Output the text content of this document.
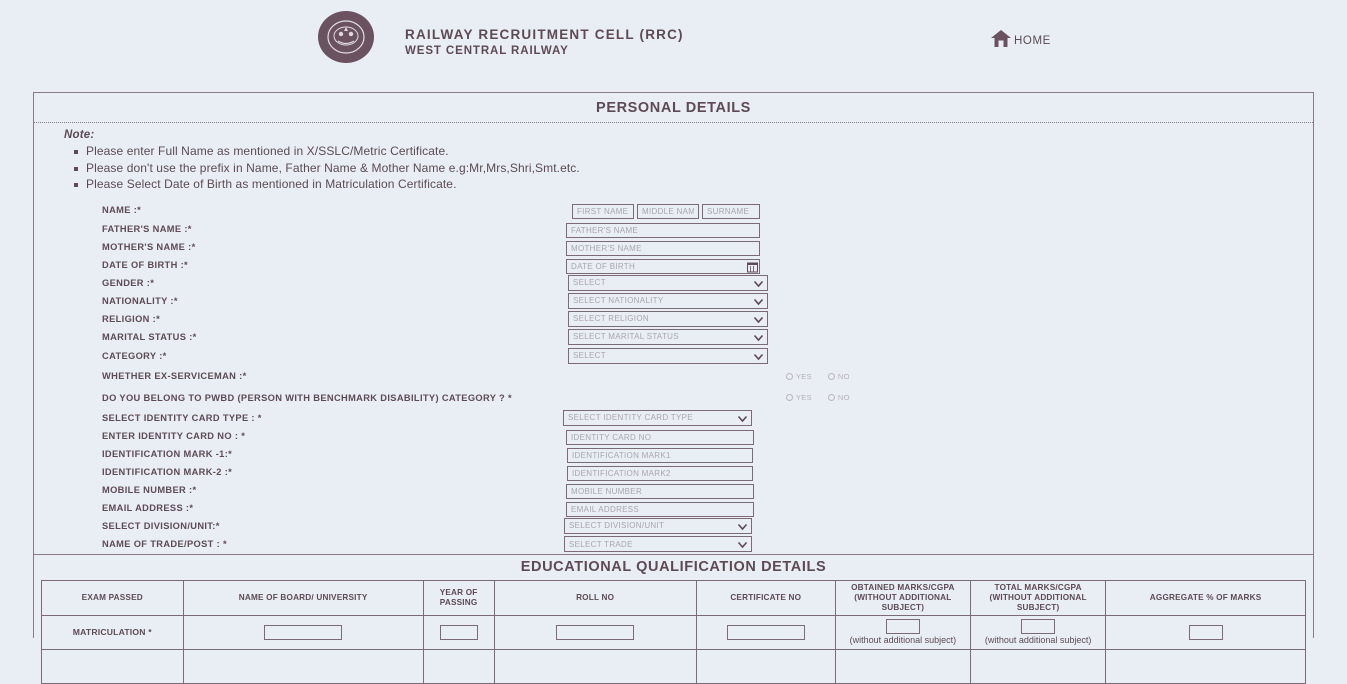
RAILWAY RECRUITMENT CELL (RRC)
WEST CENTRAL RAILWAY
HOME
PERSONAL DETAILS
Note:
Please enter Full Name as mentioned in X/SSLC/Metric Certificate.
Please don't use the prefix in Name, Father Name & Mother Name e.g:Mr,Mrs,Shri,Smt.etc.
Please Select Date of Birth as mentioned in Matriculation Certificate.
NAME :*
FIRST NAME
MIDDLE NAME
SURNAME
FATHER'S NAME :*
FATHER'S NAME
MOTHER'S NAME :*
MOTHER'S NAME
DATE OF BIRTH :*
DATE OF BIRTH
GENDER :*	SELECT
NATIONALITY :*	SELECT NATIONALITY
RELIGION :*	SELECT RELIGION
MARITAL STATUS :*	SELECT MARITAL STATUS
CATEGORY :*	SELECT
WHETHER EX-SERVICEMAN :*	YES	NO
DO YOU BELONG TO PWBD (PERSON WITH BENCHMARK DISABILITY) CATEGORY ? *	YES	NO
SELECT IDENTITY CARD TYPE : *	SELECT IDENTITY CARD TYPE
ENTER IDENTITY CARD NO : *
IDENTITY CARD NO
IDENTIFICATION MARK -1:*
IDENTIFICATION MARK1
IDENTIFICATION MARK-2 :*
IDENTIFICATION MARK2
MOBILE NUMBER :*
MOBILE NUMBER
EMAIL ADDRESS :*
EMAIL ADDRESS
SELECT DIVISION/UNIT:*	SELECT DIVISION/UNIT
NAME OF TRADE/POST : *	SELECT TRADE
EDUCATIONAL QUALIFICATION DETAILS
EXAM PASSED	NAME OF BOARD/ UNIVERSITY	YEAR OF PASSING	ROLL NO	CERTIFICATE NO	OBTAINED MARKS/CGPA (WITHOUT ADDITIONAL SUBJECT)	TOTAL MARKS/CGPA (WITHOUT ADDITIONAL SUBJECT)	AGGREGATE % OF MARKS
MATRICULATION *					(without additional subject)	(without additional subject)
